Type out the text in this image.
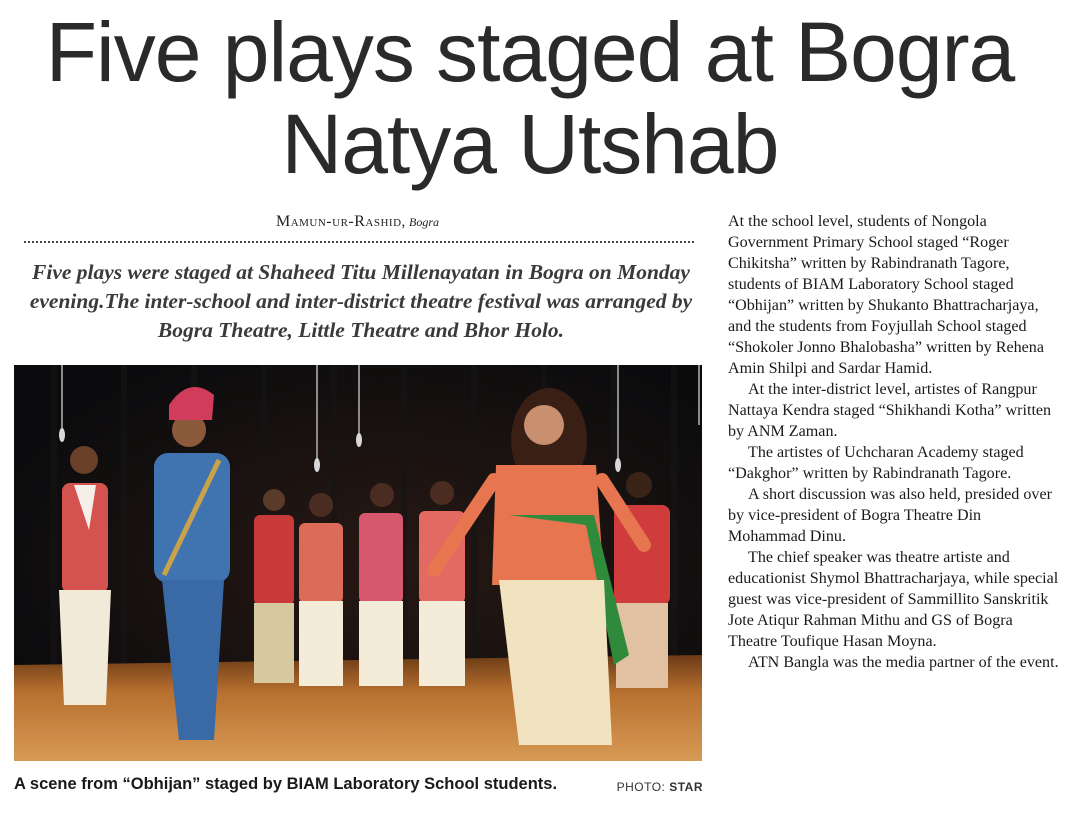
Five plays staged at Bogra
Natya Utshab
Mamun-ur-Rashid, Bogra

Five plays were staged at Shaheed Titu Millenayatan in Bogra on Monday evening.The inter-school and inter-district theatre festival was arranged by Bogra Theatre, Little Theatre and Bhor Holo.

A scene from “Obhijan” staged by BIAM Laboratory School students.	PHOTO: STAR

At the school level, students of Nongola Government Primary School staged “Roger Chikitsha” written by Rabindranath Tagore, students of BIAM Laboratory School staged “Obhijan” written by Shukanto Bhattracharjaya, and the students from Foyjullah School staged “Shokoler Jonno Bhalobasha” written by Rehena Amin Shilpi and Sardar Hamid.

At the inter-district level, artistes of Rangpur Nattaya Kendra staged “Shikhandi Kotha” written by ANM Zaman.

The artistes of Uchcharan Academy staged “Dakghor” written by Rabindranath Tagore.

A short discussion was also held, presided over by vice-president of Bogra Theatre Din Mohammad Dinu.

The chief speaker was theatre artiste and educationist Shymol Bhattracharjaya, while special guest was vice-president of Sammillito Sanskritik Jote Atiqur Rahman Mithu and GS of Bogra Theatre Toufique Hasan Moyna.

ATN Bangla was the media partner of the event.
